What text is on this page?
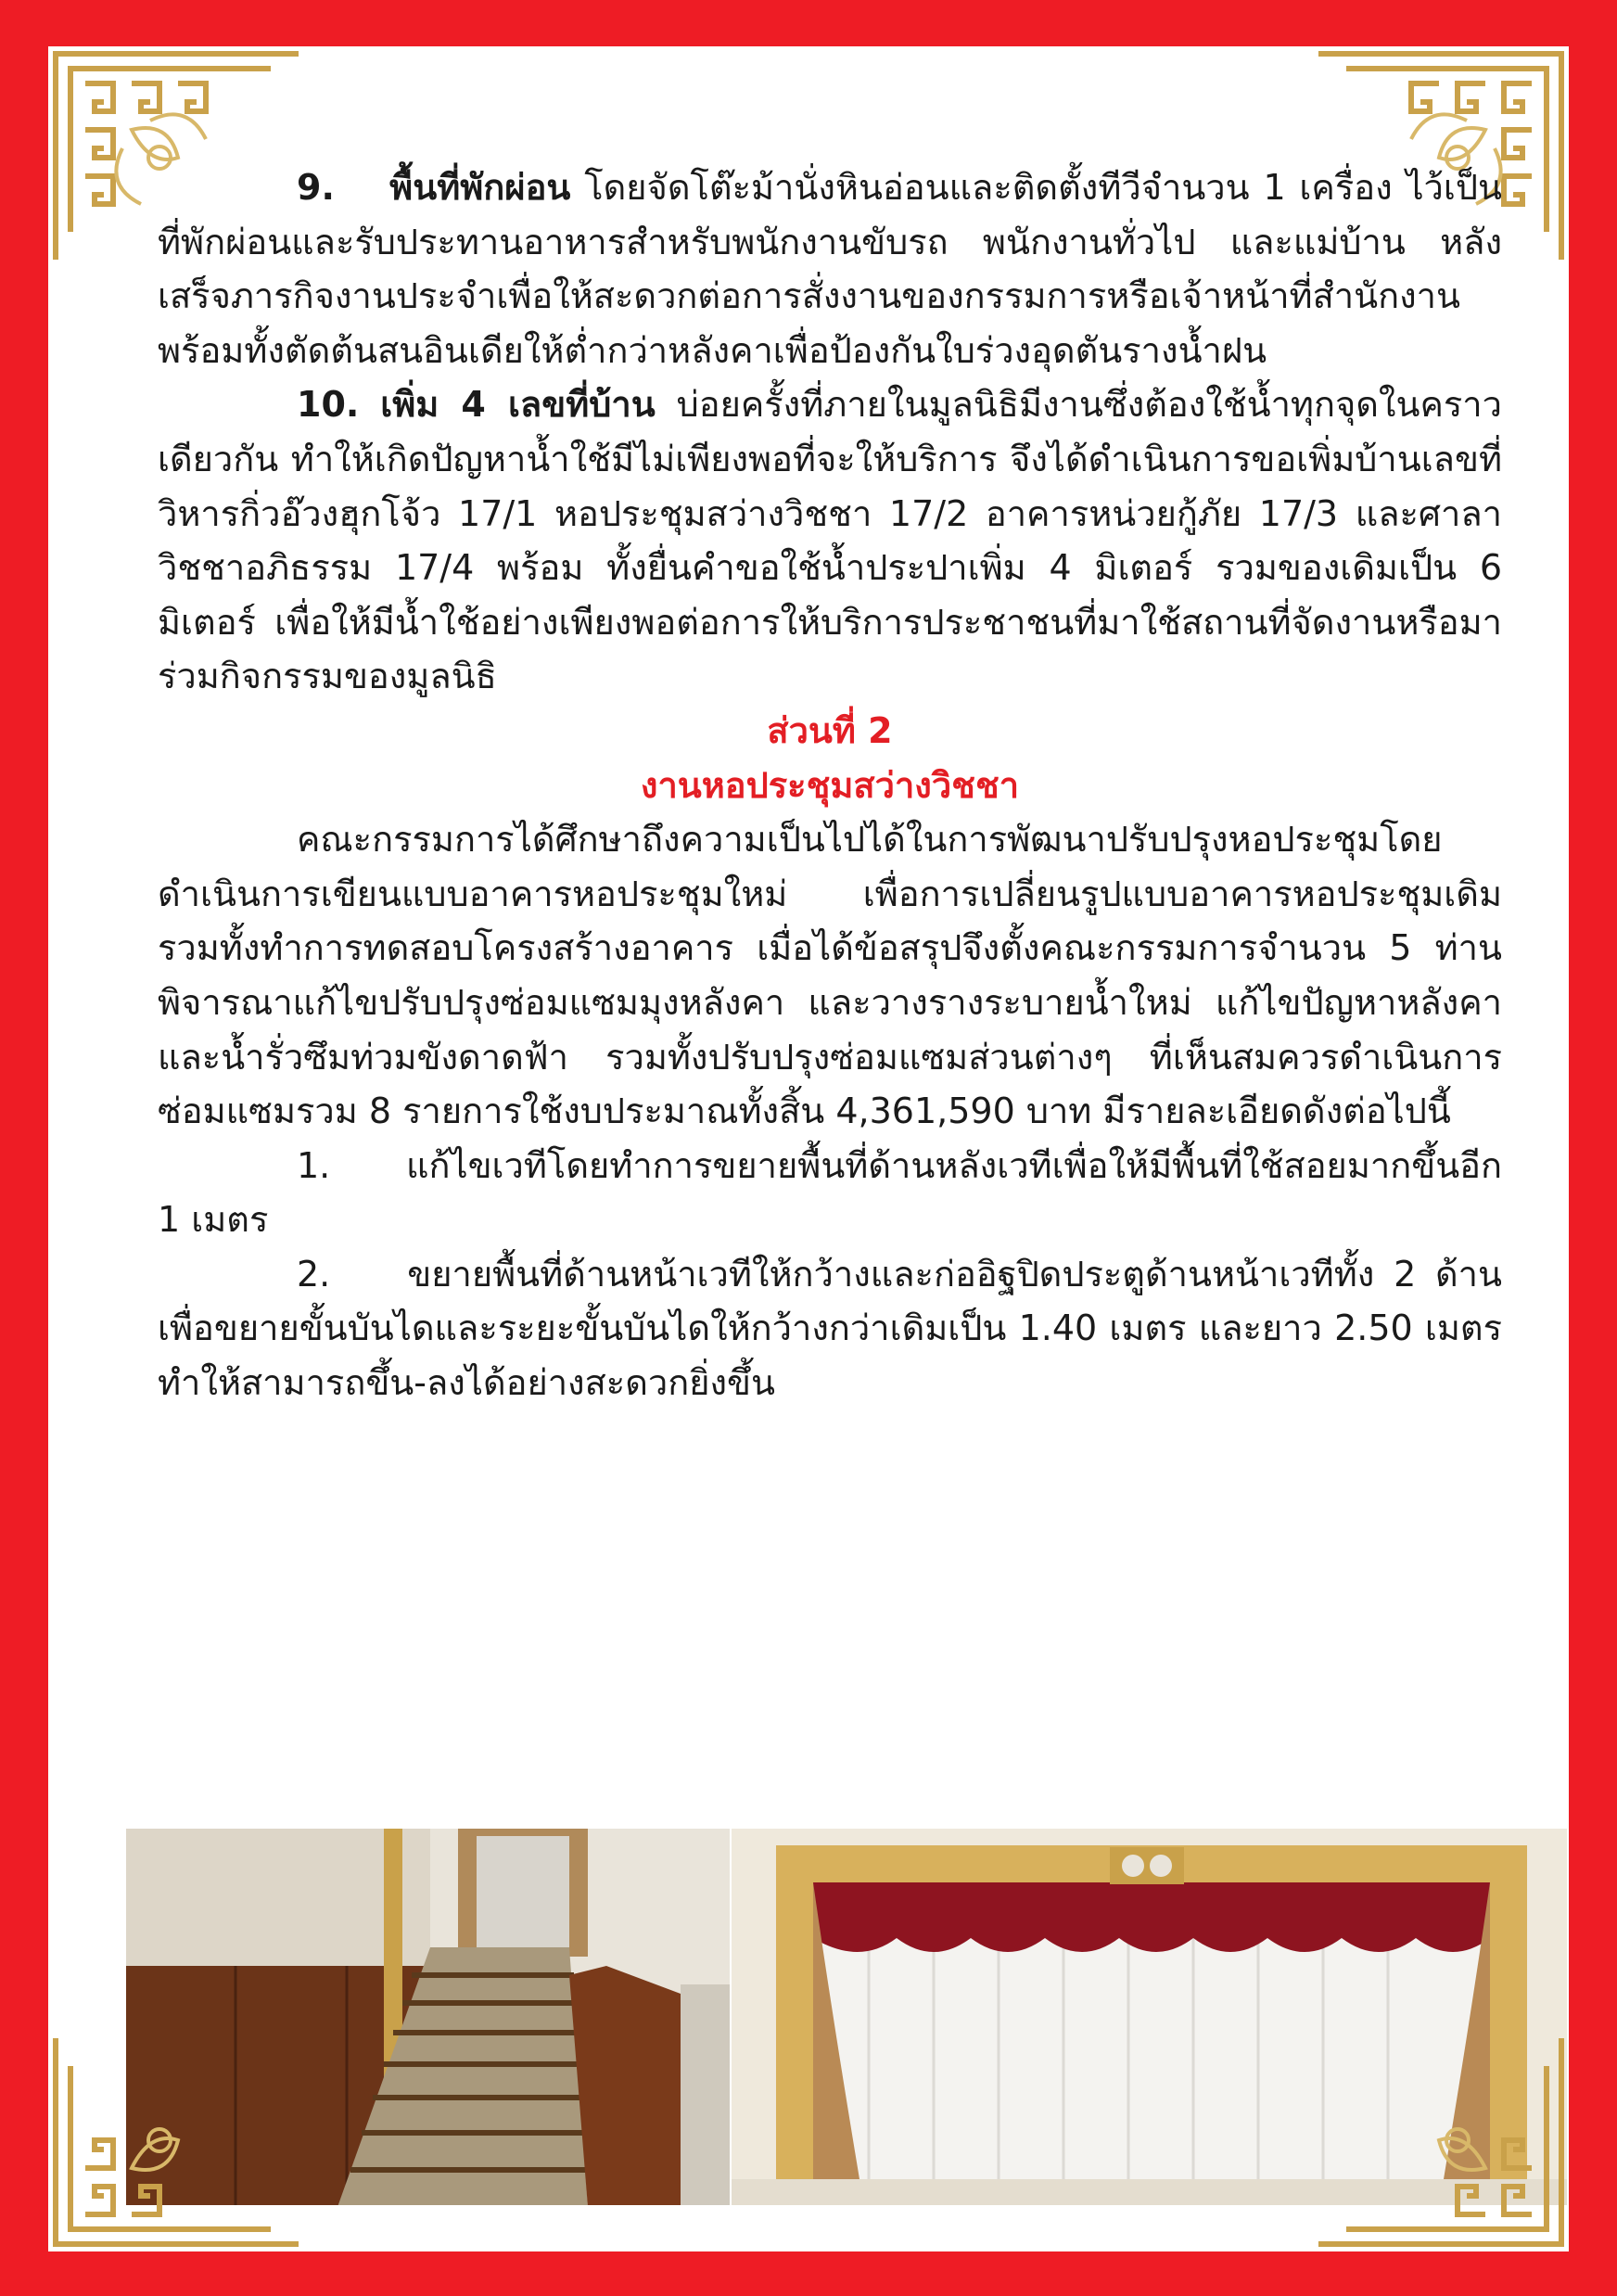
9. พื้นที่พักผ่อน โดยจัดโต๊ะม้านั่งหินอ่อนและติดตั้งทีวีจำนวน 1 เครื่อง ไว้เป็นที่พักผ่อนและรับประทานอาหารสำหรับพนักงานขับรถ พนักงานทั่วไป และแม่บ้าน หลังเสร็จภารกิจงานประจำเพื่อให้สะดวกต่อการสั่งงานของกรรมการหรือเจ้าหน้าที่สำนักงาน พร้อมทั้งตัดต้นสนอินเดียให้ต่ำกว่าหลังคาเพื่อป้องกันใบร่วงอุดตันรางน้ำฝน

10. เพิ่ม 4 เลขที่บ้าน บ่อยครั้งที่ภายในมูลนิธิมีงานซึ่งต้องใช้น้ำทุกจุดในคราวเดียวกัน ทำให้เกิดปัญหาน้ำใช้มีไม่เพียงพอที่จะให้บริการ จึงได้ดำเนินการขอเพิ่มบ้านเลขที่วิหารกิ่วอ๊วงฮุกโจ้ว 17/1 หอประชุมสว่างวิชชา 17/2 อาคารหน่วยกู้ภัย 17/3 และศาลาวิชชาอภิธรรม 17/4 พร้อม ทั้งยื่นคำขอใช้น้ำประปาเพิ่ม 4 มิเตอร์ รวมของเดิมเป็น 6 มิเตอร์ เพื่อให้มีน้ำใช้อย่างเพียงพอต่อการให้บริการประชาชนที่มาใช้สถานที่จัดงานหรือมาร่วมกิจกรรมของมูลนิธิ

ส่วนที่ 2

งานหอประชุมสว่างวิชชา

คณะกรรมการได้ศึกษาถึงความเป็นไปได้ในการพัฒนาปรับปรุงหอประชุมโดยดำเนินการเขียนแบบอาคารหอประชุมใหม่ เพื่อการเปลี่ยนรูปแบบอาคารหอประชุมเดิม รวมทั้งทำการทดสอบโครงสร้างอาคาร เมื่อได้ข้อสรุปจึงตั้งคณะกรรมการจำนวน 5 ท่าน พิจารณาแก้ไขปรับปรุงซ่อมแซมมุงหลังคา และวางรางระบายน้ำใหม่ แก้ไขปัญหาหลังคาและน้ำรั่วซึมท่วมขังดาดฟ้า รวมทั้งปรับปรุงซ่อมแซมส่วนต่างๆ ที่เห็นสมควรดำเนินการซ่อมแซมรวม 8 รายการใช้งบประมาณทั้งสิ้น 4,361,590 บาท มีรายละเอียดดังต่อไปนี้

1. แก้ไขเวทีโดยทำการขยายพื้นที่ด้านหลังเวทีเพื่อให้มีพื้นที่ใช้สอยมากขึ้นอีก 1 เมตร

2. ขยายพื้นที่ด้านหน้าเวทีให้กว้างและก่ออิฐปิดประตูด้านหน้าเวทีทั้ง 2 ด้าน เพื่อขยายขั้นบันไดและระยะขั้นบันไดให้กว้างกว่าเดิมเป็น 1.40 เมตร และยาว 2.50 เมตร ทำให้สามารถขึ้น-ลงได้อย่างสะดวกยิ่งขึ้น
